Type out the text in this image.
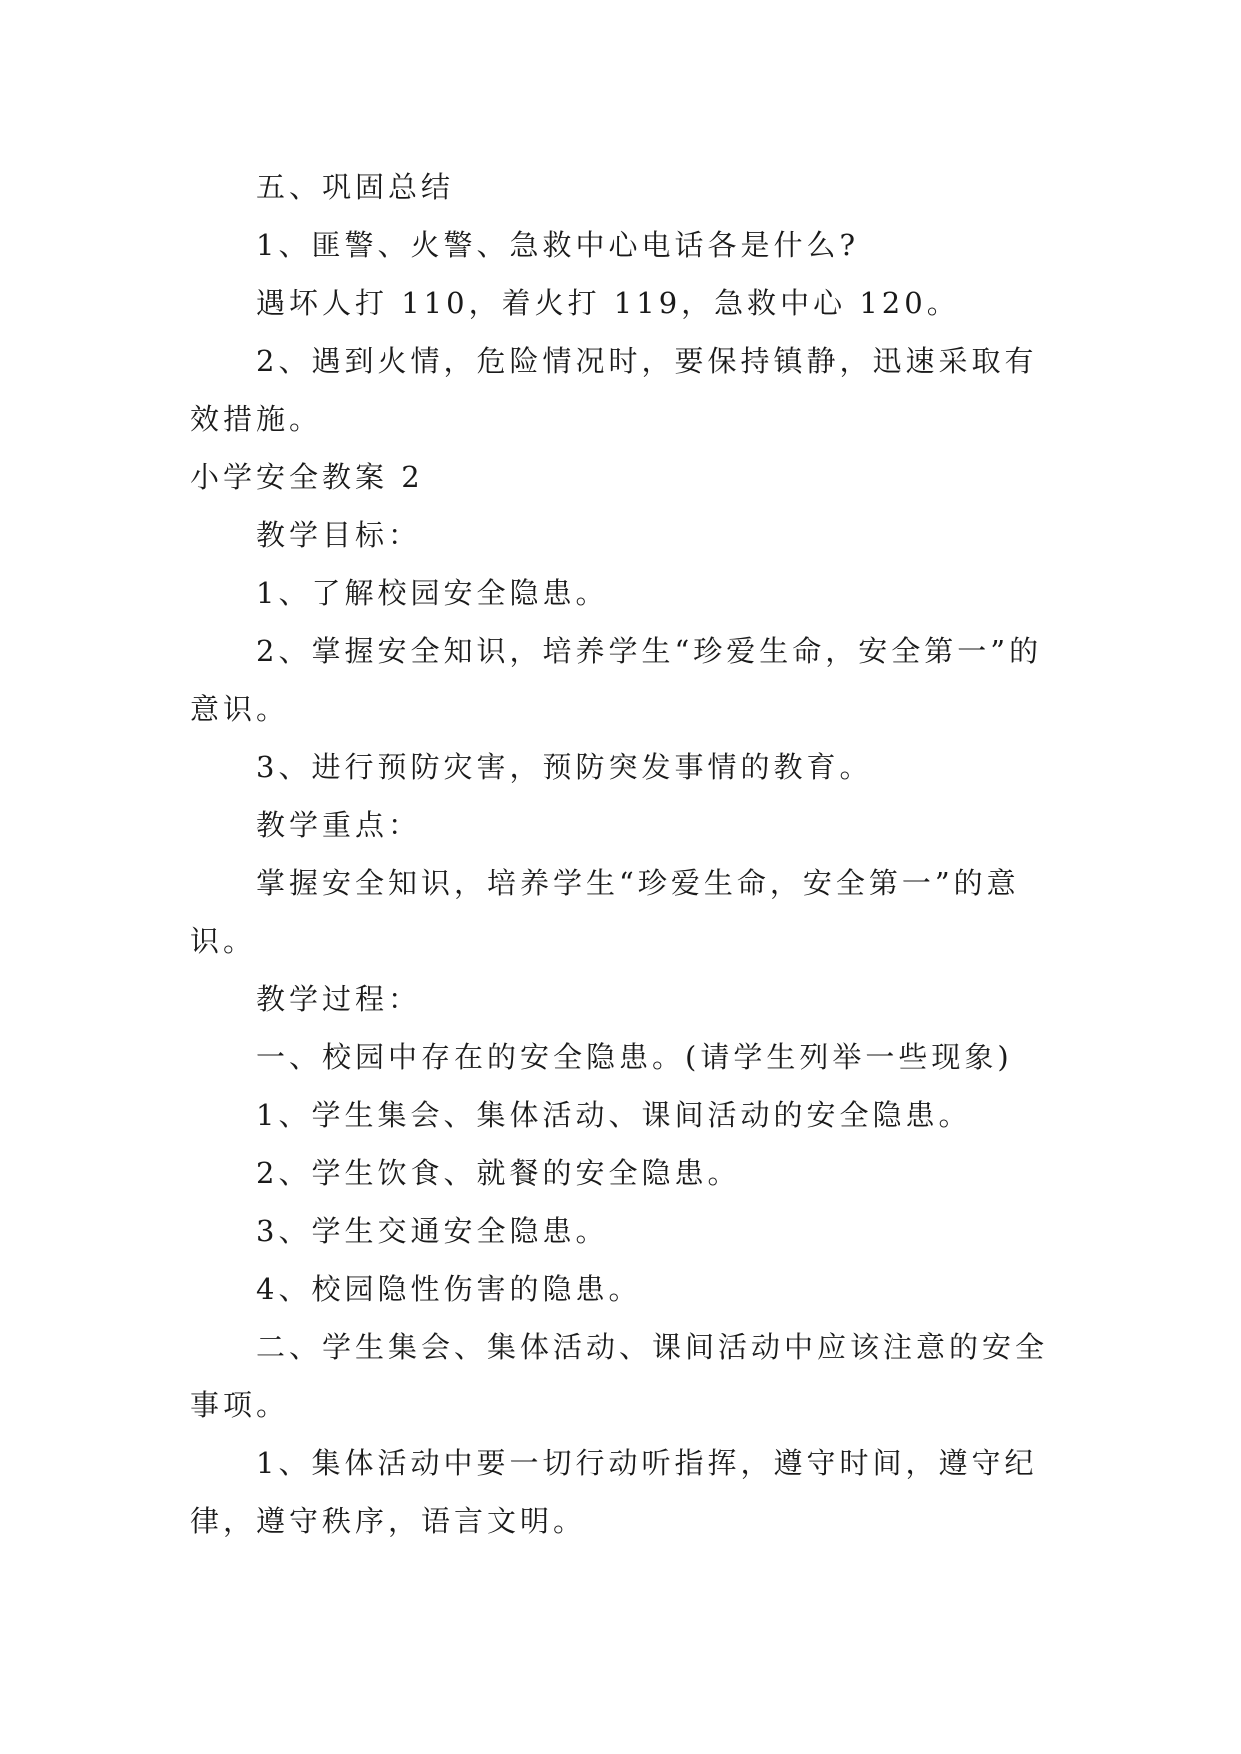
五、巩固总结

1、匪警、火警、急救中心电话各是什么?

遇坏人打 110，着火打 119，急救中心 120。

2、遇到火情，危险情况时，要保持镇静，迅速采取有效措施。

小学安全教案 2

教学目标：

1、了解校园安全隐患。

2、掌握安全知识，培养学生“珍爱生命，安全第一”的意识。

3、进行预防灾害，预防突发事情的教育。

教学重点：

掌握安全知识，培养学生“珍爱生命，安全第一”的意识。

教学过程：

一、校园中存在的安全隐患。(请学生列举一些现象)

1、学生集会、集体活动、课间活动的安全隐患。

2、学生饮食、就餐的安全隐患。

3、学生交通安全隐患。

4、校园隐性伤害的隐患。

二、学生集会、集体活动、课间活动中应该注意的安全事项。

1、集体活动中要一切行动听指挥，遵守时间，遵守纪律，遵守秩序，语言文明。
